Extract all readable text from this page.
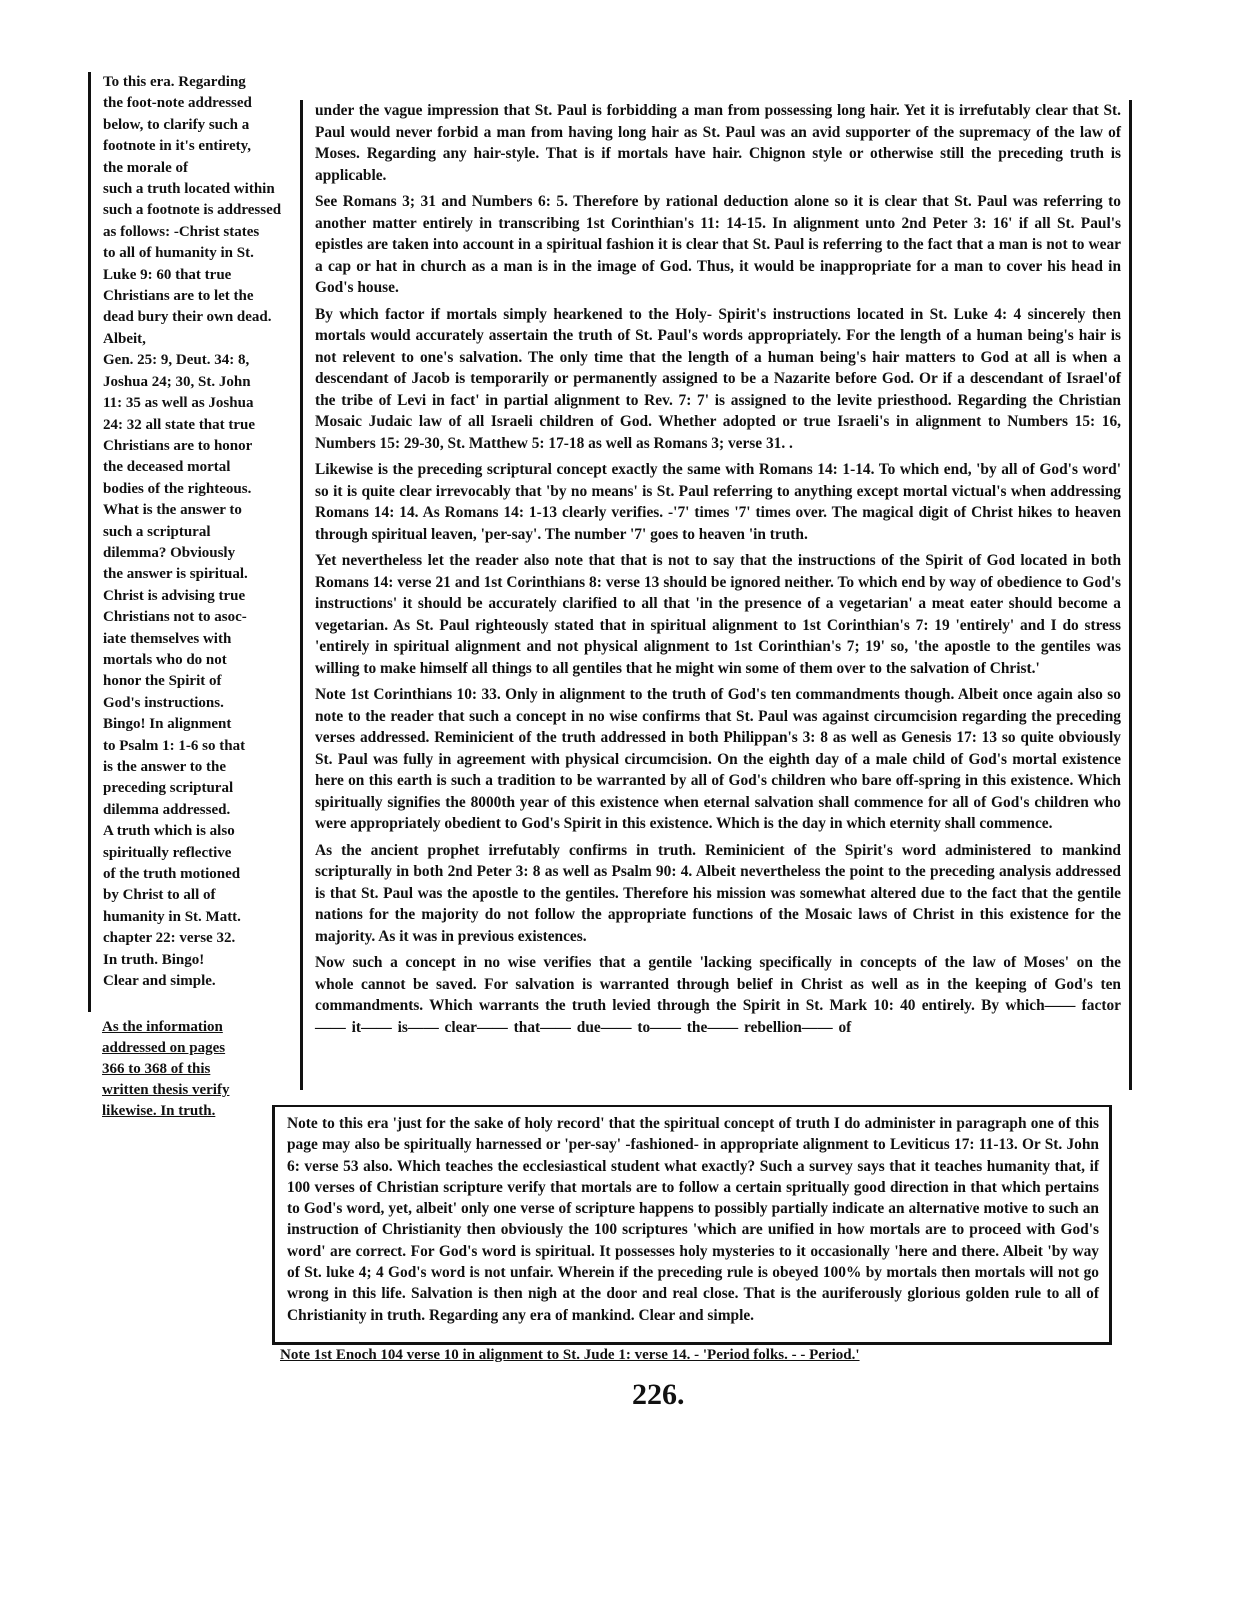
To this era. Regarding

the foot-note addressed

below, to clarify such a

footnote in it's entirety,

the morale of

such a truth located within

such a footnote is addressed

as follows: -Christ states

to all of humanity in St.

Luke 9: 60 that true

Christians are to let the

dead bury their own dead.

Albeit,

Gen. 25: 9, Deut. 34: 8,

Joshua 24; 30, St. John

11: 35 as well as Joshua

24: 32 all state that true

Christians are to honor

the deceased mortal

bodies of the righteous.

What is the answer to

such a scriptural

dilemma? Obviously

the answer is spiritual.

Christ is advising true

Christians not to asoc-

iate themselves with

mortals who do not

honor the Spirit of

God's instructions.

Bingo! In alignment

to Psalm 1: 1-6 so that

is the answer to the

preceding scriptural

dilemma addressed.

A truth which is also

spiritually reflective

of the truth motioned

by Christ to all of

humanity in St. Matt.

chapter 22: verse 32.

In truth. Bingo!

Clear and simple.

As the information

addressed on pages

366 to 368 of this

written thesis verify

likewise. In truth.

under the vague impression that St. Paul is forbidding a man from possessing long hair. Yet it is irrefutably clear that St. Paul would never forbid a man from having long hair as St. Paul was an avid supporter of the supremacy of the law of Moses. Regarding any hair-style. That is if mortals have hair. Chignon style or otherwise still the preceding truth is applicable.

See Romans 3; 31 and Numbers 6: 5. Therefore by rational deduction alone so it is clear that St. Paul was referring to another matter entirely in transcribing 1st Corinthian's 11: 14-15. In alignment unto 2nd Peter 3: 16' if all St. Paul's epistles are taken into account in a spiritual fashion it is clear that St. Paul is referring to the fact that a man is not to wear a cap or hat in church as a man is in the image of God. Thus, it would be inappropriate for a man to cover his head in God's house.

By which factor if mortals simply hearkened to the Holy- Spirit's instructions located in St. Luke 4: 4 sincerely then mortals would accurately assertain the truth of St. Paul's words appropriately. For the length of a human being's hair is not relevent to one's salvation. The only time that the length of a human being's hair matters to God at all is when a descendant of Jacob is temporarily or permanently assigned to be a Nazarite before God. Or if a descendant of Israel'of the tribe of Levi in fact' in partial alignment to Rev. 7: 7' is assigned to the levite priesthood. Regarding the Christian Mosaic Judaic law of all Israeli children of God. Whether adopted or true Israeli's in alignment to Numbers 15: 16, Numbers 15: 29-30, St. Matthew 5: 17-18 as well as Romans 3; verse 31. .

Likewise is the preceding scriptural concept exactly the same with Romans 14: 1-14. To which end, 'by all of God's word' so it is quite clear irrevocably that 'by no means' is St. Paul referring to anything except mortal victual's when addressing Romans 14: 14. As Romans 14: 1-13 clearly verifies. -'7' times '7' times over. The magical digit of Christ hikes to heaven through spiritual leaven, 'per-say'. The number '7' goes to heaven 'in truth.

Yet nevertheless let the reader also note that that is not to say that the instructions of the Spirit of God located in both Romans 14: verse 21 and 1st Corinthians 8: verse 13 should be ignored neither. To which end by way of obedience to God's instructions' it should be accurately clarified to all that 'in the presence of a vegetarian' a meat eater should become a vegetarian. As St. Paul righteously stated that in spiritual alignment to 1st Corinthian's 7: 19 'entirely' and I do stress 'entirely in spiritual alignment and not physical alignment to 1st Corinthian's 7; 19' so, 'the apostle to the gentiles was willing to make himself all things to all gentiles that he might win some of them over to the salvation of Christ.'

Note 1st Corinthians 10: 33. Only in alignment to the truth of God's ten commandments though. Albeit once again also so note to the reader that such a concept in no wise confirms that St. Paul was against circumcision regarding the preceding verses addressed. Reminicient of the truth addressed in both Philippan's 3: 8 as well as Genesis 17: 13 so quite obviously St. Paul was fully in agreement with physical circumcision. On the eighth day of a male child of God's mortal existence here on this earth is such a tradition to be warranted by all of God's children who bare off-spring in this existence. Which spiritually signifies the 8000th year of this existence when eternal salvation shall commence for all of God's children who were appropriately obedient to God's Spirit in this existence. Which is the day in which eternity shall commence.

As the ancient prophet irrefutably confirms in truth. Reminicient of the Spirit's word administered to mankind scripturally in both 2nd Peter 3: 8 as well as Psalm 90: 4. Albeit nevertheless the point to the preceding analysis addressed is that St. Paul was the apostle to the gentiles. Therefore his mission was somewhat altered due to the fact that the gentile nations for the majority do not follow the appropriate functions of the Mosaic laws of Christ in this existence for the majority. As it was in previous existences.

Now such a concept in no wise verifies that a gentile 'lacking specifically in concepts of the law of Moses' on the whole cannot be saved. For salvation is warranted through belief in Christ as well as in the keeping of God's ten commandments. Which warrants the truth levied through the Spirit in St. Mark 10: 40 entirely. By which—— factor—— it—— is—— clear—— that—— due—— to—— the—— rebellion—— of

Note to this era 'just for the sake of holy record' that the spiritual concept of truth I do administer in paragraph one of this page may also be spiritually harnessed or 'per-say' -fashioned- in appropriate alignment to Leviticus 17: 11-13. Or St. John 6: verse 53 also. Which teaches the ecclesiastical student what exactly? Such a survey says that it teaches humanity that, if 100 verses of Christian scripture verify that mortals are to follow a certain spritually good direction in that which pertains to God's word, yet, albeit' only one verse of scripture happens to possibly partially indicate an alternative motive to such an instruction of Christianity then obviously the 100 scriptures 'which are unified in how mortals are to proceed with God's word' are correct. For God's word is spiritual. It possesses holy mysteries to it occasionally 'here and there. Albeit 'by way of St. luke 4; 4 God's word is not unfair. Wherein if the preceding rule is obeyed 100% by mortals then mortals will not go wrong in this life. Salvation is then nigh at the door and real close. That is the auriferously glorious golden rule to all of Christianity in truth. Regarding any era of mankind. Clear and simple.

Note 1st Enoch 104 verse 10 in alignment to St. Jude 1: verse 14. - 'Period folks. - - Period.'
226.
